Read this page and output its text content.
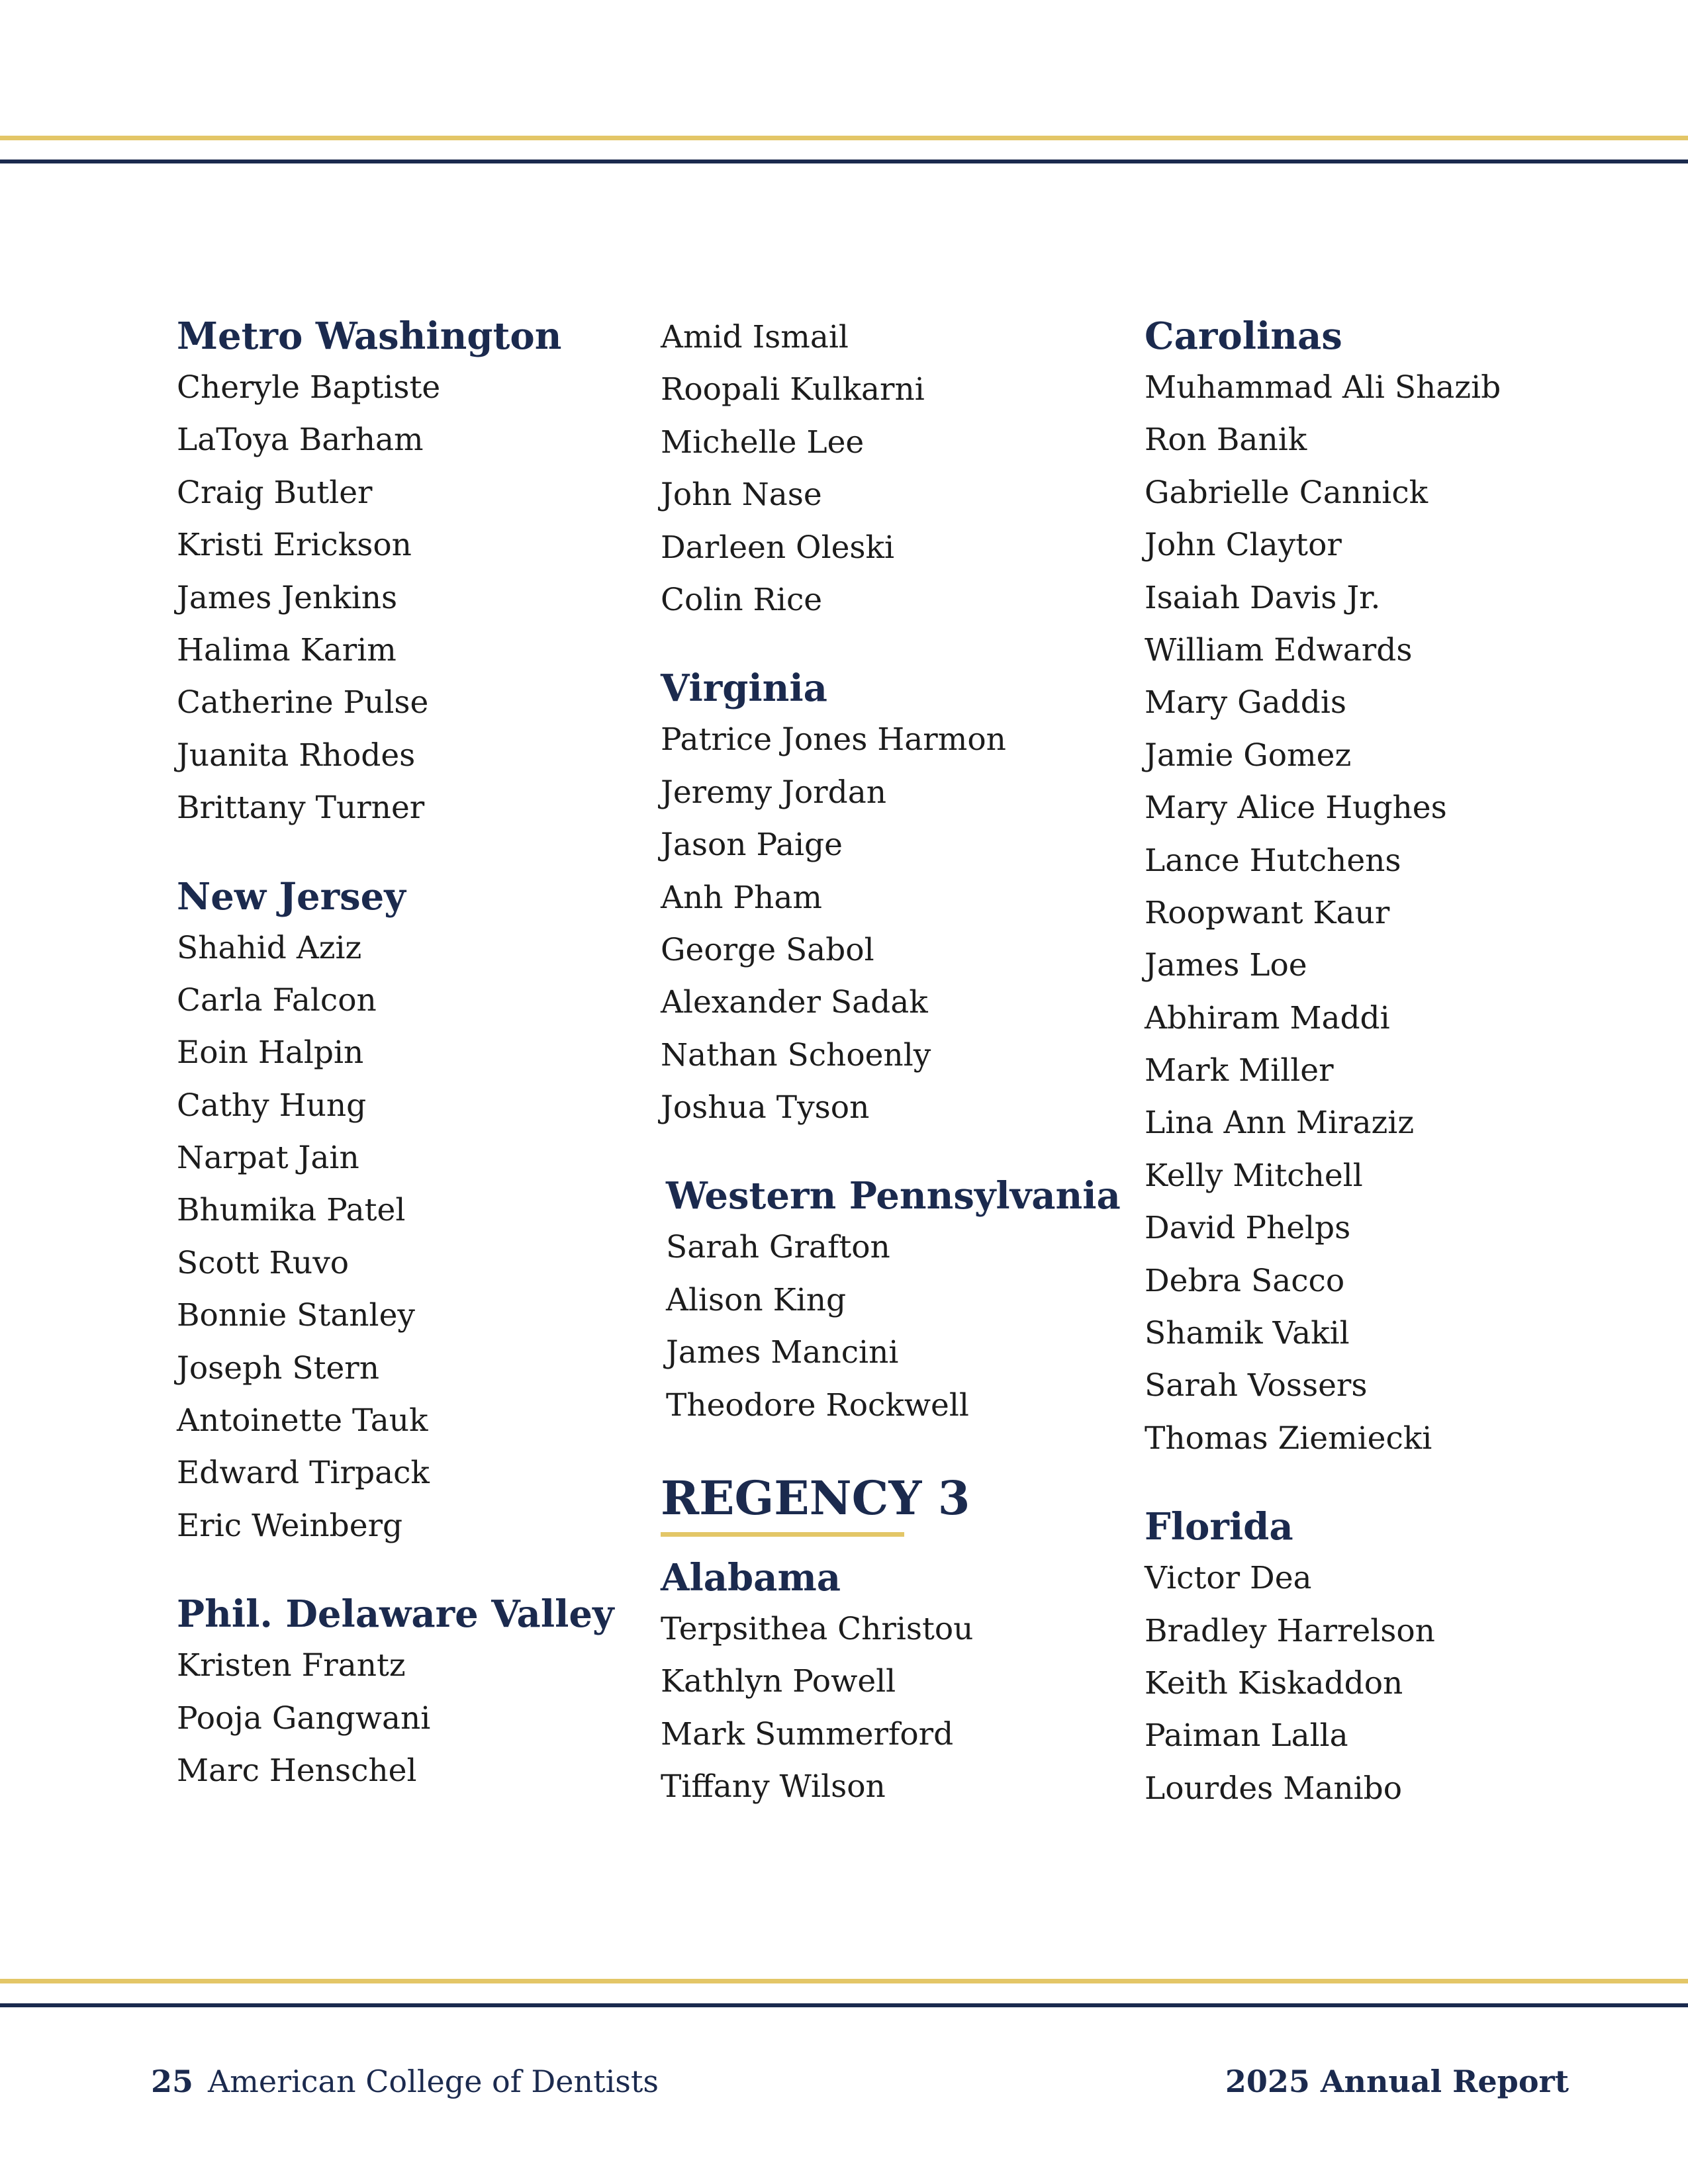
Metro Washington
Cheryle Baptiste
LaToya Barham
Craig Butler
Kristi Erickson
James Jenkins
Halima Karim
Catherine Pulse
Juanita Rhodes
Brittany Turner
New Jersey
Shahid Aziz
Carla Falcon
Eoin Halpin
Cathy Hung
Narpat Jain
Bhumika Patel
Scott Ruvo
Bonnie Stanley
Joseph Stern
Antoinette Tauk
Edward Tirpack
Eric Weinberg
Phil. Delaware Valley
Kristen Frantz
Pooja Gangwani
Marc Henschel
Amid Ismail
Roopali Kulkarni
Michelle Lee
John Nase
Darleen Oleski
Colin Rice
Virginia
Patrice Jones Harmon
Jeremy Jordan
Jason Paige
Anh Pham
George Sabol
Alexander Sadak
Nathan Schoenly
Joshua Tyson
Western Pennsylvania
Sarah Grafton
Alison King
James Mancini
Theodore Rockwell
REGENCY 3
Alabama
Terpsithea Christou
Kathlyn Powell
Mark Summerford
Tiffany Wilson
Carolinas
Muhammad Ali Shazib
Ron Banik
Gabrielle Cannick
John Claytor
Isaiah Davis Jr.
William Edwards
Mary Gaddis
Jamie Gomez
Mary Alice Hughes
Lance Hutchens
Roopwant Kaur
James Loe
Abhiram Maddi
Mark Miller
Lina Ann Miraziz
Kelly Mitchell
David Phelps
Debra Sacco
Shamik Vakil
Sarah Vossers
Thomas Ziemiecki
Florida
Victor Dea
Bradley Harrelson
Keith Kiskaddon
Paiman Lalla
Lourdes Manibo
25 American College of Dentists	2025 Annual Report
